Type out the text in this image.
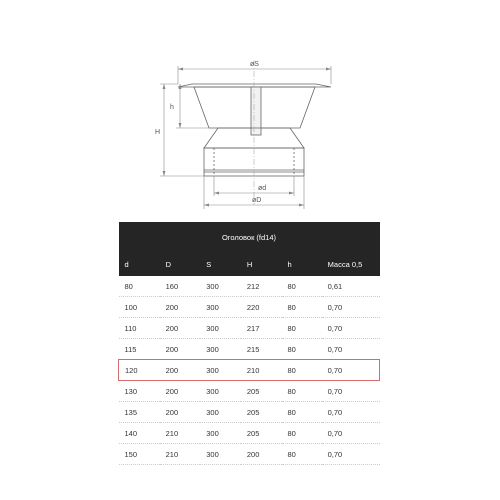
øS
h
H
ød
øD
Оголовок (fd14)					
d	D	S	H	h	Масса 0,5
80	160	300	212	80	0,61
100	200	300	220	80	0,70
110	200	300	217	80	0,70
115	200	300	215	80	0,70
120	200	300	210	80	0,70
130	200	300	205	80	0,70
135	200	300	205	80	0,70
140	210	300	205	80	0,70
150	210	300	200	80	0,70
